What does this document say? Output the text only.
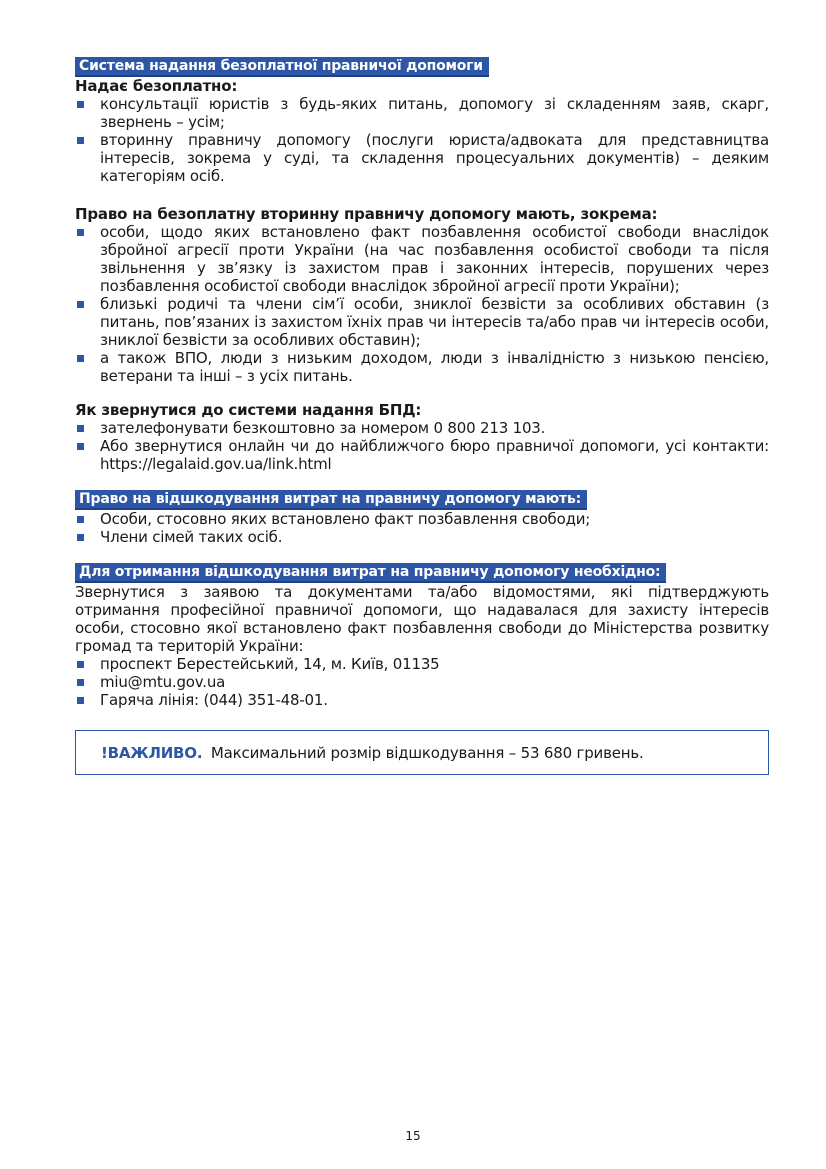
Система надання безоплатної правничої допомоги
Надає безоплатно:
консультації юристів з будь-яких питань, допомогу зі складенням заяв, скарг, звернень – усім;
вторинну правничу допомогу (послуги юриста/адвоката для представництва інтересів, зокрема у суді, та складення процесуальних документів) – деяким категоріям осіб.
Право на безоплатну вторинну правничу допомогу мають, зокрема:
особи, щодо яких встановлено факт позбавлення особистої свободи внаслідок збройної агресії проти України (на час позбавлення особистої свободи та після звільнення у зв’язку із захистом прав і законних інтересів, порушених через позбавлення особистої свободи внаслідок збройної агресії проти України);
близькі родичі та члени сім’ї особи, зниклої безвісти за особливих обставин (з питань, пов’язаних із захистом їхніх прав чи інтересів та/або прав чи інтересів особи, зниклої безвісти за особливих обставин);
а також ВПО, люди з низьким доходом, люди з інвалідністю з низькою пенсією, ветерани та інші – з усіх питань.
Як звернутися до системи надання БПД:
зателефонувати безкоштовно за номером 0 800 213 103.
Або звернутися онлайн чи до найближчого бюро правничої допомоги, усі контакти: https://legalaid.gov.ua/link.html
Право на відшкодування витрат на правничу допомогу мають:
Особи, стосовно яких встановлено факт позбавлення свободи;
Члени сімей таких осіб.
Для отримання відшкодування витрат на правничу допомогу необхідно:
Звернутися з заявою та документами та/або відомостями, які підтверджують отримання професійної правничої допомоги, що надавалася для захисту інтересів особи, стосовно якої встановлено факт позбавлення свободи до Міністерства розвитку громад та територій України:
проспект Берестейський, 14, м. Київ, 01135
miu@mtu.gov.ua
Гаряча лінія: (044) 351-48-01.
!ВАЖЛИВО. Максимальний розмір відшкодування – 53 680 гривень.
15
